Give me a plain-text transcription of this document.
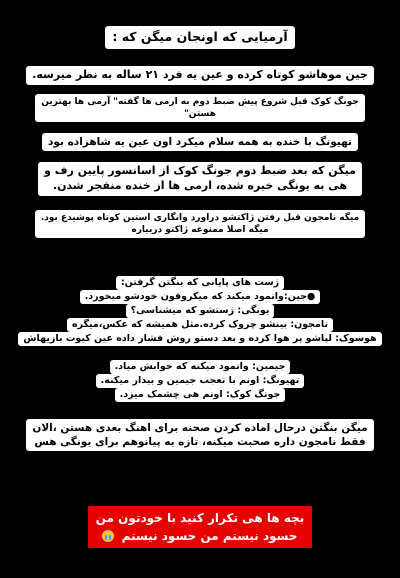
آرمیایی که اونجان میگن که :
جین موهاشو کوتاه کرده و عین یه فرد ۲۱ ساله به نظر میرسه.
جونگ کوک قبل شروع پیش ضبط دوم به ارمی ها گفته" آرمی ها بهترین
هستن"
تهیونگ با خنده به همه سلام میکرد اون عین یه شاهزاده بود
میگن که بعد ضبط دوم جونگ کوک از اسانسور پایین رف و
هی به یونگی خیره شده، ارمی ها از خنده منفجر شدن.
میگه نامجون قبل رفتن ژاکتشو دراورد وانگاری استین کوتاه پوشیدع بود.
میگه اصلا ممنوعه ژاکتو درییاره
ژست های پایانی که بنگتن گرفتن:
●جین:وانمود میکند که میکروفون خودشو میخورد.
یونگی: ژستشو که میشناسی؟
نامجون: بینشو چروک کرده.مثل همیشه که عکس،میگره
هوسوک: لپاشو پر هوا کرده و بعد دستو روش فشار داده عین کیوت بازیهاش
جیمین: وانمود میکنه که خوابش میاد.
تهیونگ: اونم با تعجب جیمین و بیدار میکنه.
جونگ کوک: اونم هی چشمک میزد.
میگن بنگتن درحال اماده کردن صحنه برای اهنگ بعدی هستن ،الان
فقط نامجون داره صحبت میکنه، تازه یه پیانوهم برای یونگی هس
بچه ها هی تکرار کنید با خودتون من
حسود نیستم من حسود نیستم
